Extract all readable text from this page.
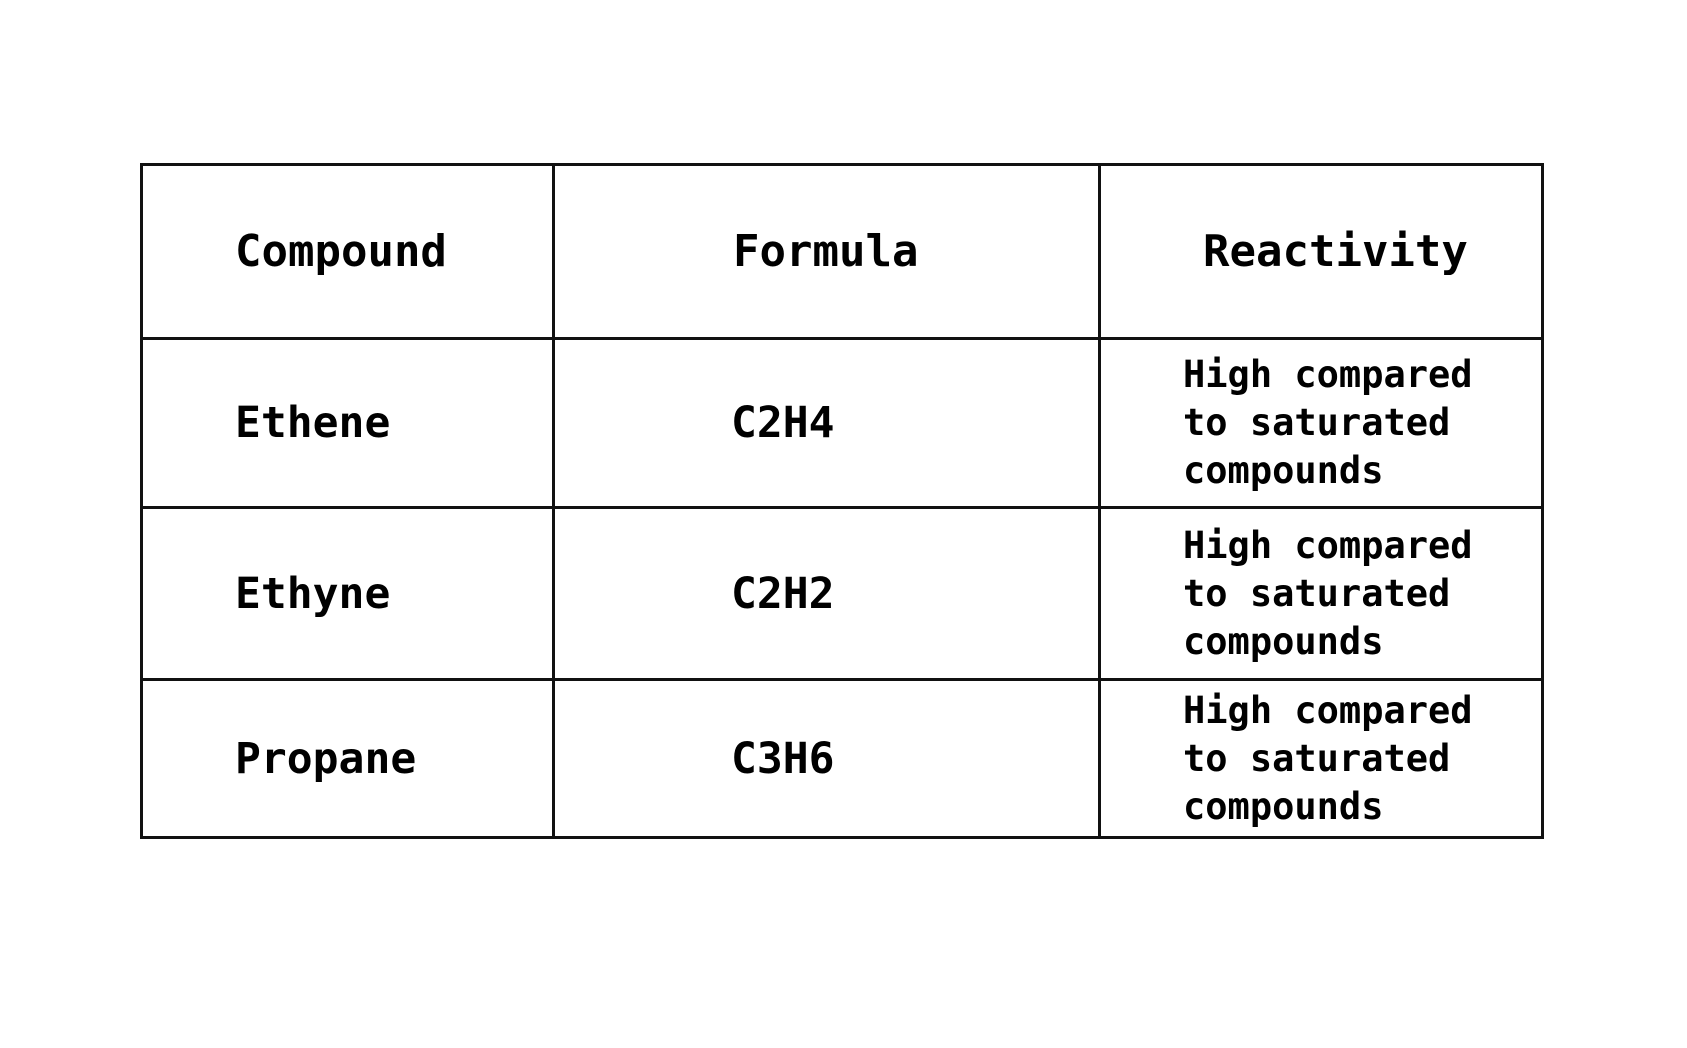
Compound	Formula	Reactivity
Ethene	C2H4	High compared to saturated compounds

Ethyne	C2H2	High compared to saturated compounds

Propane	C3H6	High compared to saturated compounds
